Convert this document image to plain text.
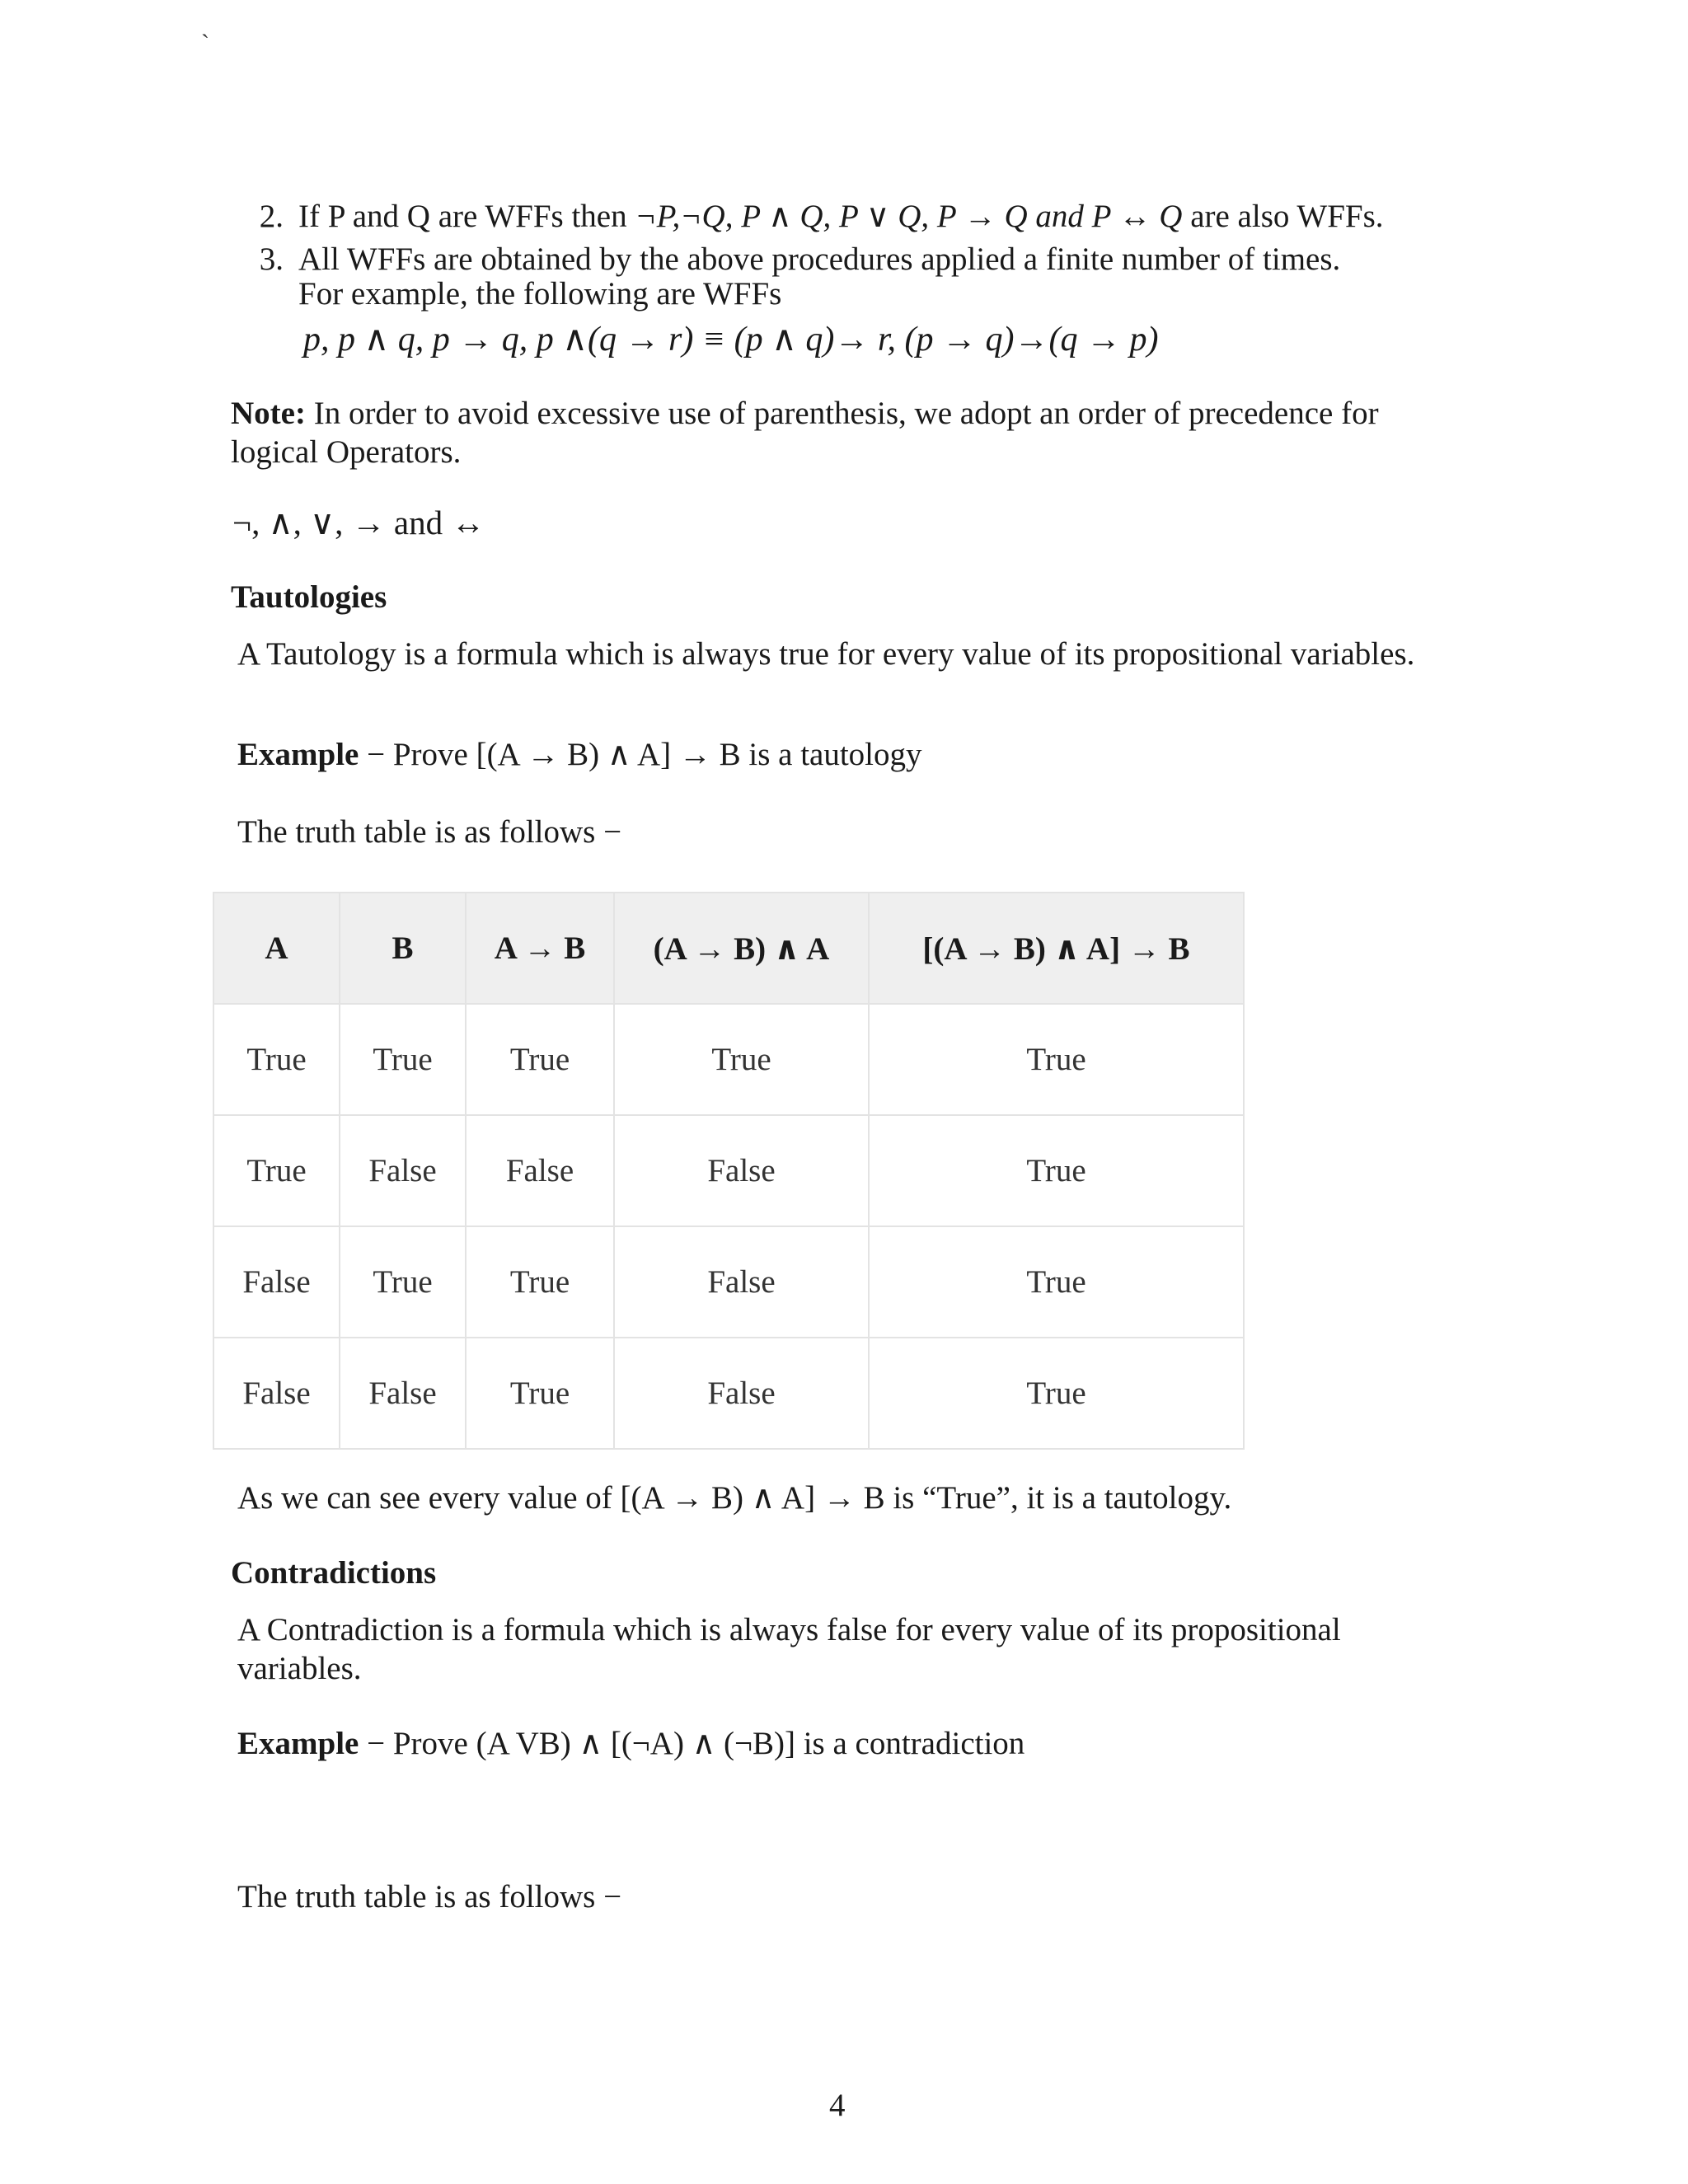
`
2. If P and Q are WFFs then ¬P,¬Q, P ∧ Q, P ∨ Q, P → Q and P ↔ Q are also WFFs.
3. All WFFs are obtained by the above procedures applied a finite number of times.
For example, the following are WFFs
p, p ∧ q, p → q, p ∧(q → r) ≡ (p ∧ q)→ r, (p → q)→(q → p)
Note: In order to avoid excessive use of parenthesis, we adopt an order of precedence for
logical Operators.
¬, ∧, ∨, → and ↔
Tautologies
A Tautology is a formula which is always true for every value of its propositional variables.
Example − Prove [(A → B) ∧ A] → B is a tautology
The truth table is as follows −
A	B	A → B	(A → B) ∧ A	[(A → B) ∧ A] → B
True	True	True	True	True
True	False	False	False	True
False	True	True	False	True
False	False	True	False	True
As we can see every value of [(A → B) ∧ A] → B is “True”, it is a tautology.
Contradictions
A Contradiction is a formula which is always false for every value of its propositional
variables.
Example − Prove (A VB) ∧ [(¬A) ∧ (¬B)] is a contradiction
The truth table is as follows −
4
